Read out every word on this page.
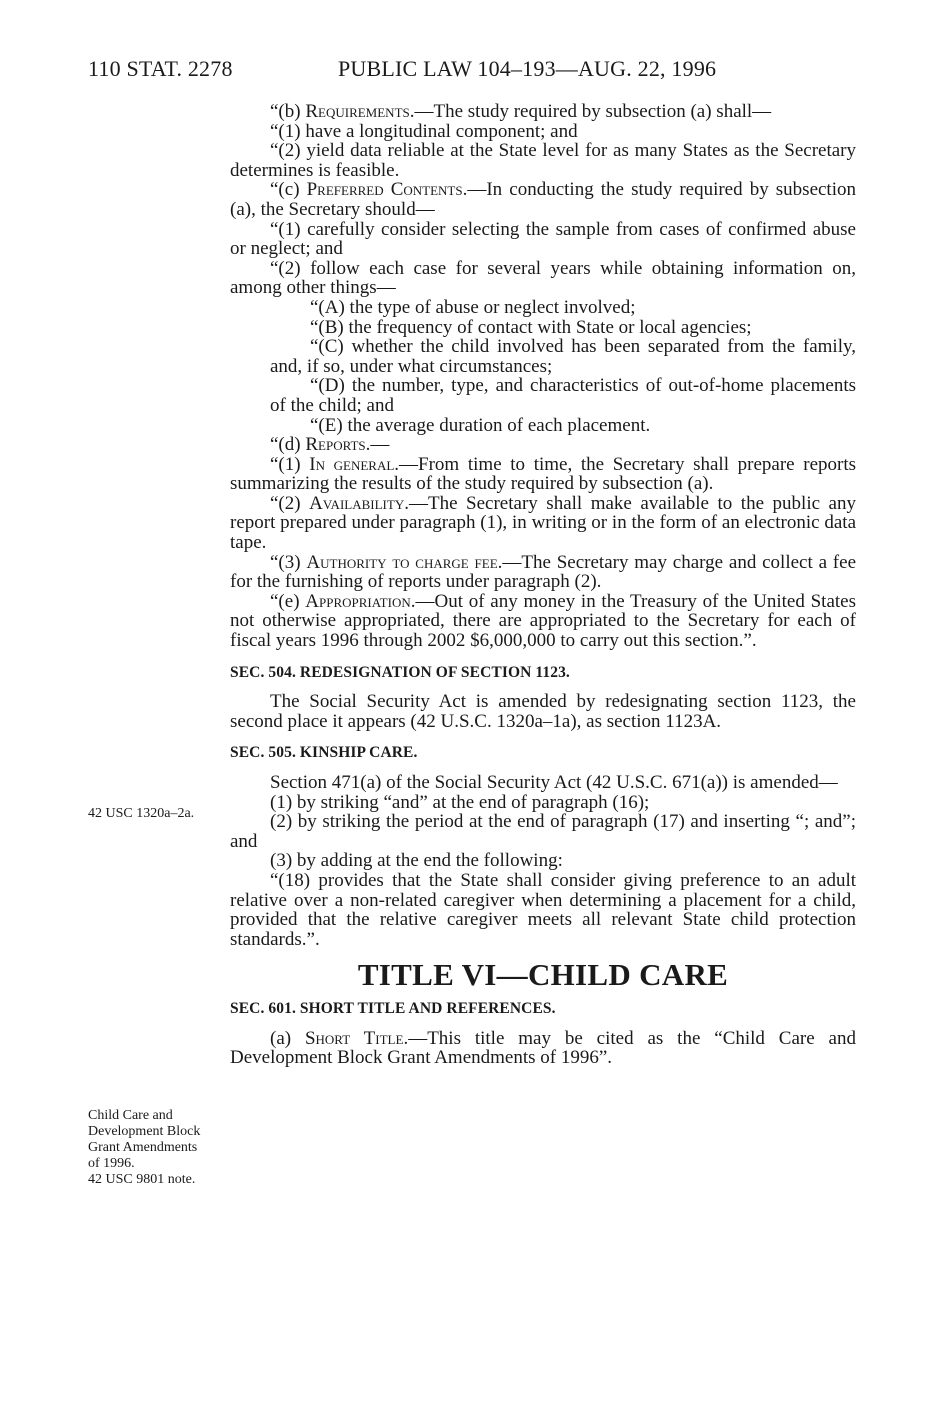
110 STAT. 2278	PUBLIC LAW 104–193—AUG. 22, 1996
42 USC 1320a–2a.
Child Care and Development Block Grant Amendments of 1996.
42 USC 9801 note.

“(b) Requirements.—The study required by subsection (a) shall—

“(1) have a longitudinal component; and

“(2) yield data reliable at the State level for as many States as the Secretary determines is feasible.

“(c) Preferred Contents.—In conducting the study required by subsection (a), the Secretary should—

“(1) carefully consider selecting the sample from cases of confirmed abuse or neglect; and

“(2) follow each case for several years while obtaining information on, among other things—

“(A) the type of abuse or neglect involved;

“(B) the frequency of contact with State or local agencies;

“(C) whether the child involved has been separated from the family, and, if so, under what circumstances;

“(D) the number, type, and characteristics of out-of-home placements of the child; and

“(E) the average duration of each placement.

“(d) Reports.—

“(1) In general.—From time to time, the Secretary shall prepare reports summarizing the results of the study required by subsection (a).

“(2) Availability.—The Secretary shall make available to the public any report prepared under paragraph (1), in writing or in the form of an electronic data tape.

“(3) Authority to charge fee.—The Secretary may charge and collect a fee for the furnishing of reports under paragraph (2).

“(e) Appropriation.—Out of any money in the Treasury of the United States not otherwise appropriated, there are appropriated to the Secretary for each of fiscal years 1996 through 2002 $6,000,000 to carry out this section.”.

SEC. 504. REDESIGNATION OF SECTION 1123.

The Social Security Act is amended by redesignating section 1123, the second place it appears (42 U.S.C. 1320a–1a), as section 1123A.

SEC. 505. KINSHIP CARE.

Section 471(a) of the Social Security Act (42 U.S.C. 671(a)) is amended—

(1) by striking “and” at the end of paragraph (16);

(2) by striking the period at the end of paragraph (17) and inserting “; and”; and

(3) by adding at the end the following:

“(18) provides that the State shall consider giving preference to an adult relative over a non-related caregiver when determining a placement for a child, provided that the relative caregiver meets all relevant State child protection standards.”.

TITLE VI—CHILD CARE
SEC. 601. SHORT TITLE AND REFERENCES.

(a) Short Title.—This title may be cited as the “Child Care and Development Block Grant Amendments of 1996”.
